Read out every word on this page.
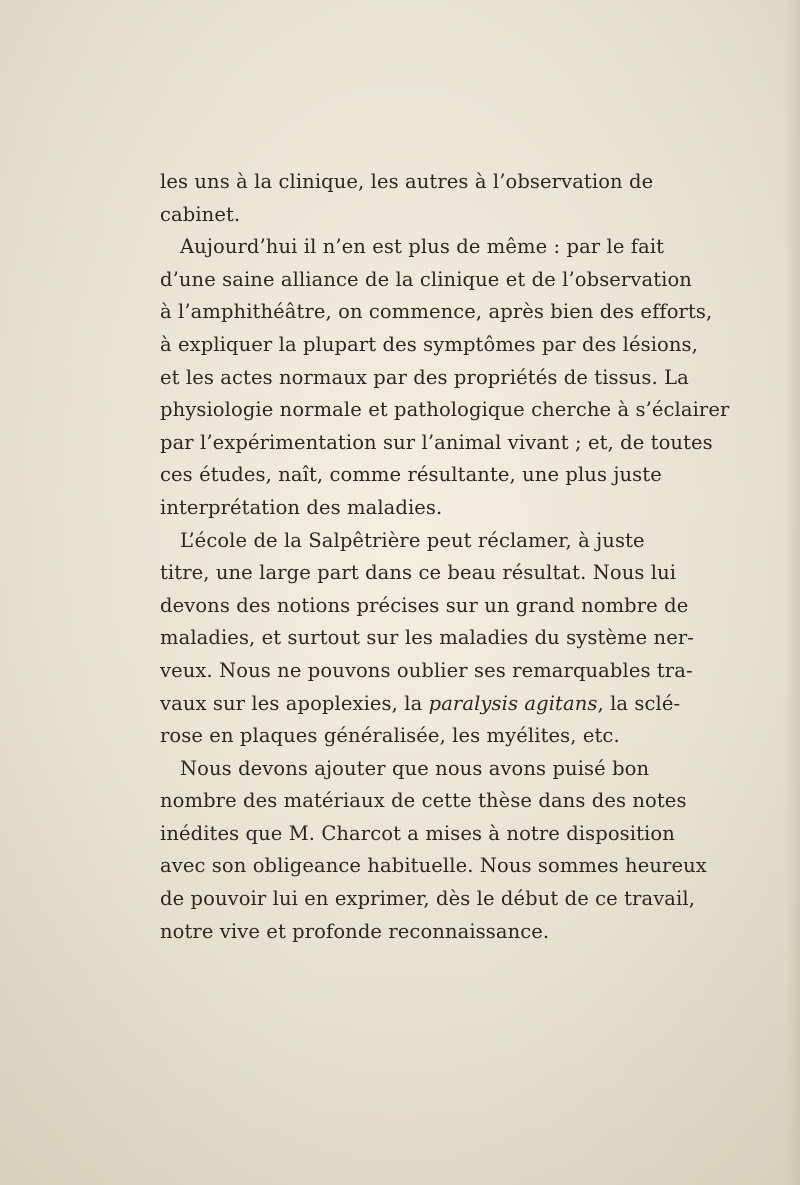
les uns à la clinique, les autres à l’observation de
cabinet.
Aujourd’hui il n’en est plus de même : par le fait
d’une saine alliance de la clinique et de l’observation
à l’amphithéâtre, on commence, après bien des efforts,
à expliquer la plupart des symptômes par des lésions,
et les actes normaux par des propriétés de tissus. La
physiologie normale et pathologique cherche à s’éclairer
par l’expérimentation sur l’animal vivant ; et, de toutes
ces études, naît, comme résultante, une plus juste
interprétation des maladies.
L’école de la Salpêtrière peut réclamer, à juste
titre, une large part dans ce beau résultat. Nous lui
devons des notions précises sur un grand nombre de
maladies, et surtout sur les maladies du système ner-
veux. Nous ne pouvons oublier ses remarquables tra-
vaux sur les apoplexies, la paralysis agitans, la sclé-
rose en plaques généralisée, les myélites, etc.
Nous devons ajouter que nous avons puisé bon
nombre des matériaux de cette thèse dans des notes
inédites que M. Charcot a mises à notre disposition
avec son obligeance habituelle. Nous sommes heureux
de pouvoir lui en exprimer, dès le début de ce travail,
notre vive et profonde reconnaissance.
